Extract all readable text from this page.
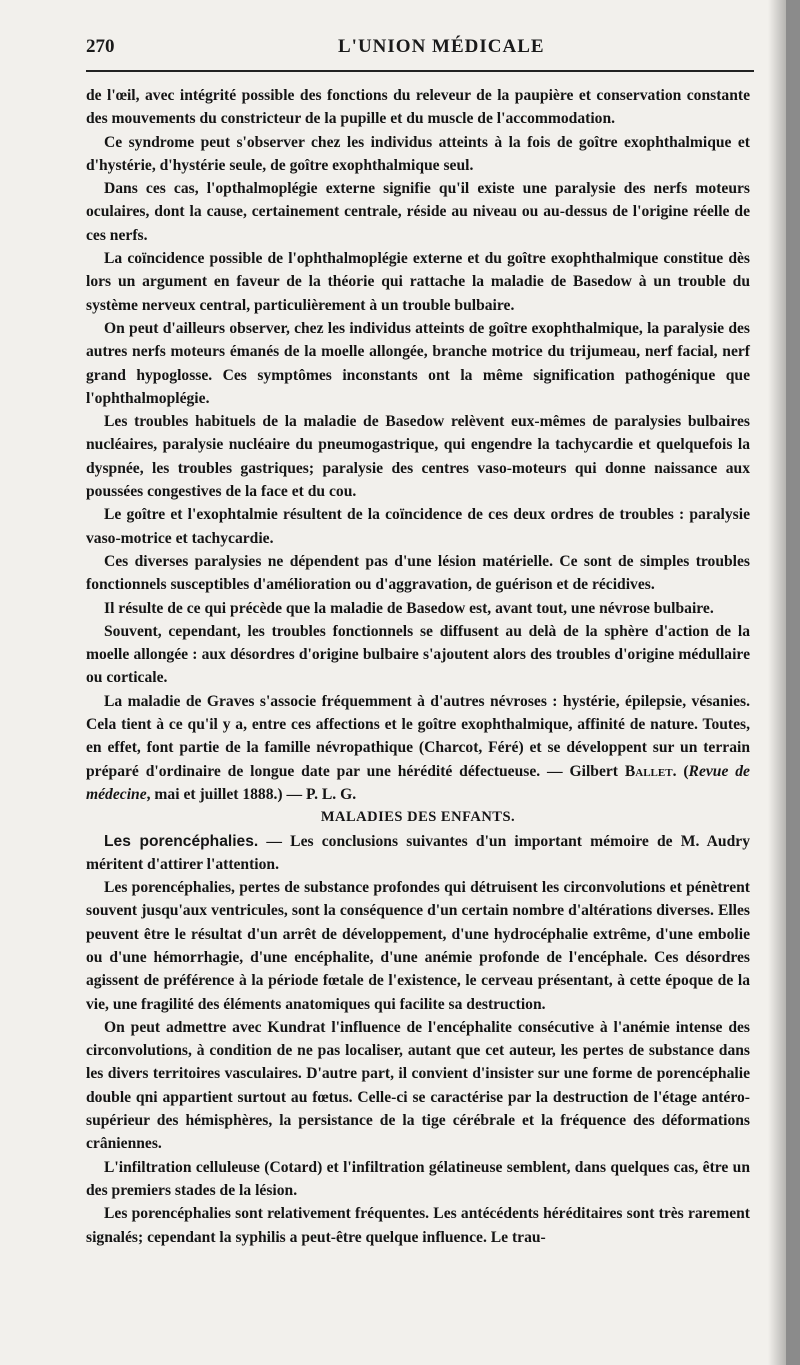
270	L'UNION MÉDICALE

de l'œil, avec intégrité possible des fonctions du releveur de la paupière et conservation constante des mouvements du constricteur de la pupille et du muscle de l'accommodation.

Ce syndrome peut s'observer chez les individus atteints à la fois de goître exophthalmique et d'hystérie, d'hystérie seule, de goître exophthalmique seul.

Dans ces cas, l'opthalmoplégie externe signifie qu'il existe une paralysie des nerfs moteurs oculaires, dont la cause, certainement centrale, réside au niveau ou au-dessus de l'origine réelle de ces nerfs.

La coïncidence possible de l'ophthalmoplégie externe et du goître exophthalmique constitue dès lors un argument en faveur de la théorie qui rattache la maladie de Basedow à un trouble du système nerveux central, particulièrement à un trouble bulbaire.

On peut d'ailleurs observer, chez les individus atteints de goître exophthalmique, la paralysie des autres nerfs moteurs émanés de la moelle allongée, branche motrice du trijumeau, nerf facial, nerf grand hypoglosse. Ces symptômes inconstants ont la même signification pathogénique que l'ophthalmoplégie.

Les troubles habituels de la maladie de Basedow relèvent eux-mêmes de paralysies bulbaires nucléaires, paralysie nucléaire du pneumogastrique, qui engendre la tachycardie et quelquefois la dyspnée, les troubles gastriques; paralysie des centres vaso-moteurs qui donne naissance aux poussées congestives de la face et du cou.

Le goître et l'exophtalmie résultent de la coïncidence de ces deux ordres de troubles : paralysie vaso-motrice et tachycardie.

Ces diverses paralysies ne dépendent pas d'une lésion matérielle. Ce sont de simples troubles fonctionnels susceptibles d'amélioration ou d'aggravation, de guérison et de récidives.

Il résulte de ce qui précède que la maladie de Basedow est, avant tout, une névrose bulbaire.

Souvent, cependant, les troubles fonctionnels se diffusent au delà de la sphère d'action de la moelle allongée : aux désordres d'origine bulbaire s'ajoutent alors des troubles d'origine médullaire ou corticale.

La maladie de Graves s'associe fréquemment à d'autres névroses : hystérie, épilepsie, vésanies. Cela tient à ce qu'il y a, entre ces affections et le goître exophthalmique, affinité de nature. Toutes, en effet, font partie de la famille névropathique (Charcot, Féré) et se développent sur un terrain préparé d'ordinaire de longue date par une hérédité défectueuse. — Gilbert Ballet. (Revue de médecine, mai et juillet 1888.) — P. L. G.

MALADIES DES ENFANTS.

Les porencéphalies. — Les conclusions suivantes d'un important mémoire de M. Audry méritent d'attirer l'attention.

Les porencéphalies, pertes de substance profondes qui détruisent les circonvolutions et pénètrent souvent jusqu'aux ventricules, sont la conséquence d'un certain nombre d'altérations diverses. Elles peuvent être le résultat d'un arrêt de développement, d'une hydrocéphalie extrême, d'une embolie ou d'une hémorrhagie, d'une encéphalite, d'une anémie profonde de l'encéphale. Ces désordres agissent de préférence à la période fœtale de l'existence, le cerveau présentant, à cette époque de la vie, une fragilité des éléments anatomiques qui facilite sa destruction.

On peut admettre avec Kundrat l'influence de l'encéphalite consécutive à l'anémie intense des circonvolutions, à condition de ne pas localiser, autant que cet auteur, les pertes de substance dans les divers territoires vasculaires. D'autre part, il convient d'insister sur une forme de porencéphalie double qni appartient surtout au fœtus. Celle-ci se caractérise par la destruction de l'étage antéro-supérieur des hémisphères, la persistance de la tige cérébrale et la fréquence des déformations crâniennes.

L'infiltration celluleuse (Cotard) et l'infiltration gélatineuse semblent, dans quelques cas, être un des premiers stades de la lésion.

Les porencéphalies sont relativement fréquentes. Les antécédents héréditaires sont très rarement signalés; cependant la syphilis a peut-être quelque influence. Le trau-
